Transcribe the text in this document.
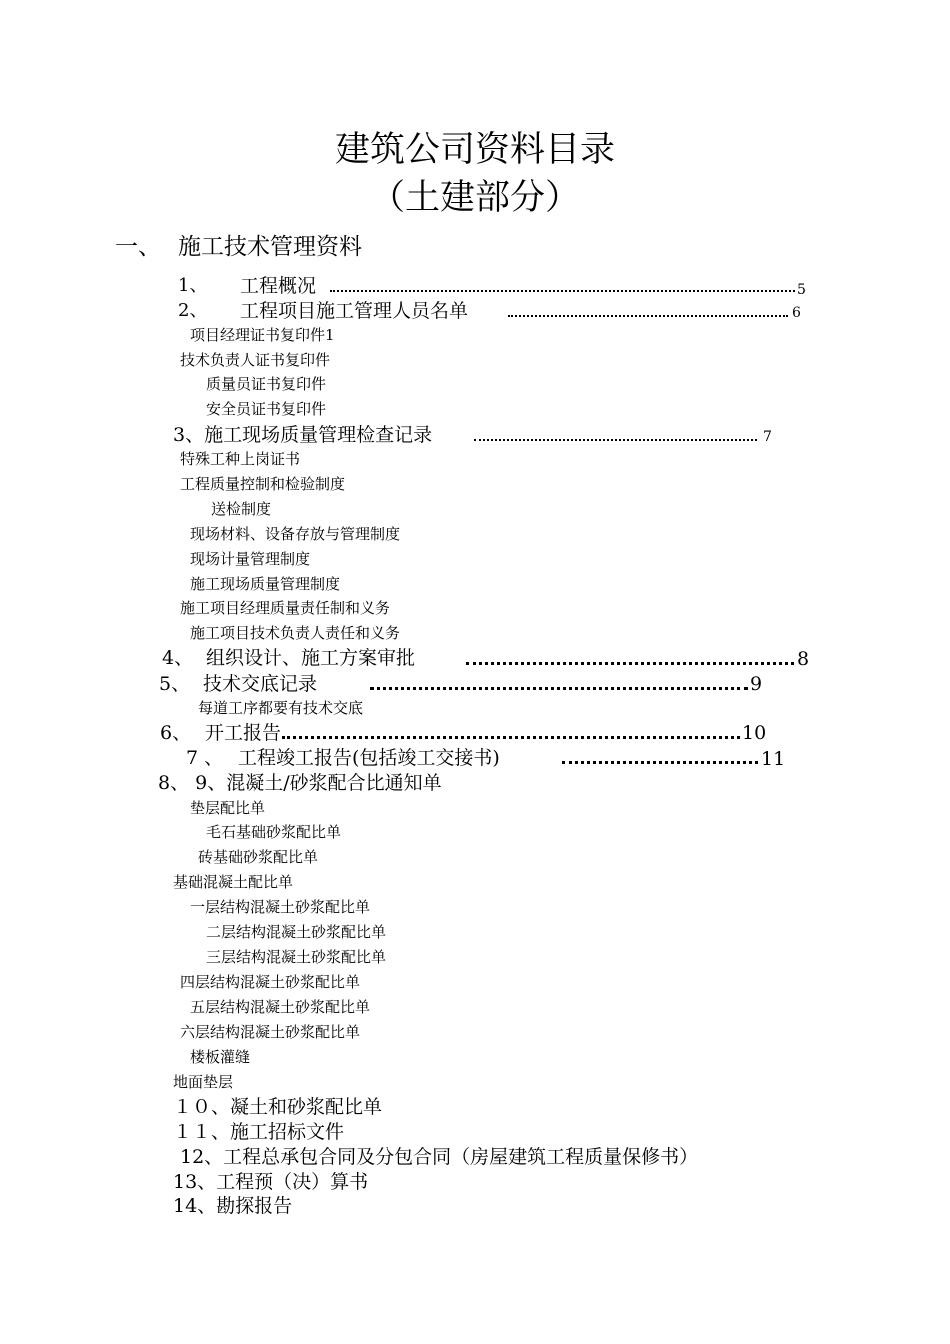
建筑公司资料目录
（土建部分）
一、 施工技术管理资料
1、 工程概况	5
2、 工程项目施工管理人员名单	6
项目经理证书复印件1
技术负责人证书复印件
质量员证书复印件
安全员证书复印件
3、施工现场质量管理检查记录	7
特殊工种上岗证书
工程质量控制和检验制度
送检制度
现场材料、设备存放与管理制度
现场计量管理制度
施工现场质量管理制度
施工项目经理质量责任制和义务
施工项目技术负责人责任和义务
4、 组织设计、施工方案审批	8
5、 技术交底记录	9
每道工序都要有技术交底
6、 开工报告	10
7 、 工程竣工报告(包括竣工交接书)	11
8、 9、混凝土/砂浆配合比通知单
垫层配比单
毛石基础砂浆配比单
砖基础砂浆配比单
基础混凝土配比单
一层结构混凝土砂浆配比单
二层结构混凝土砂浆配比单
三层结构混凝土砂浆配比单
四层结构混凝土砂浆配比单
五层结构混凝土砂浆配比单
六层结构混凝土砂浆配比单
楼板灌缝
地面垫层
１０、凝土和砂浆配比单
１１、施工招标文件
12、工程总承包合同及分包合同（房屋建筑工程质量保修书）
13、工程预（决）算书
14、勘探报告
